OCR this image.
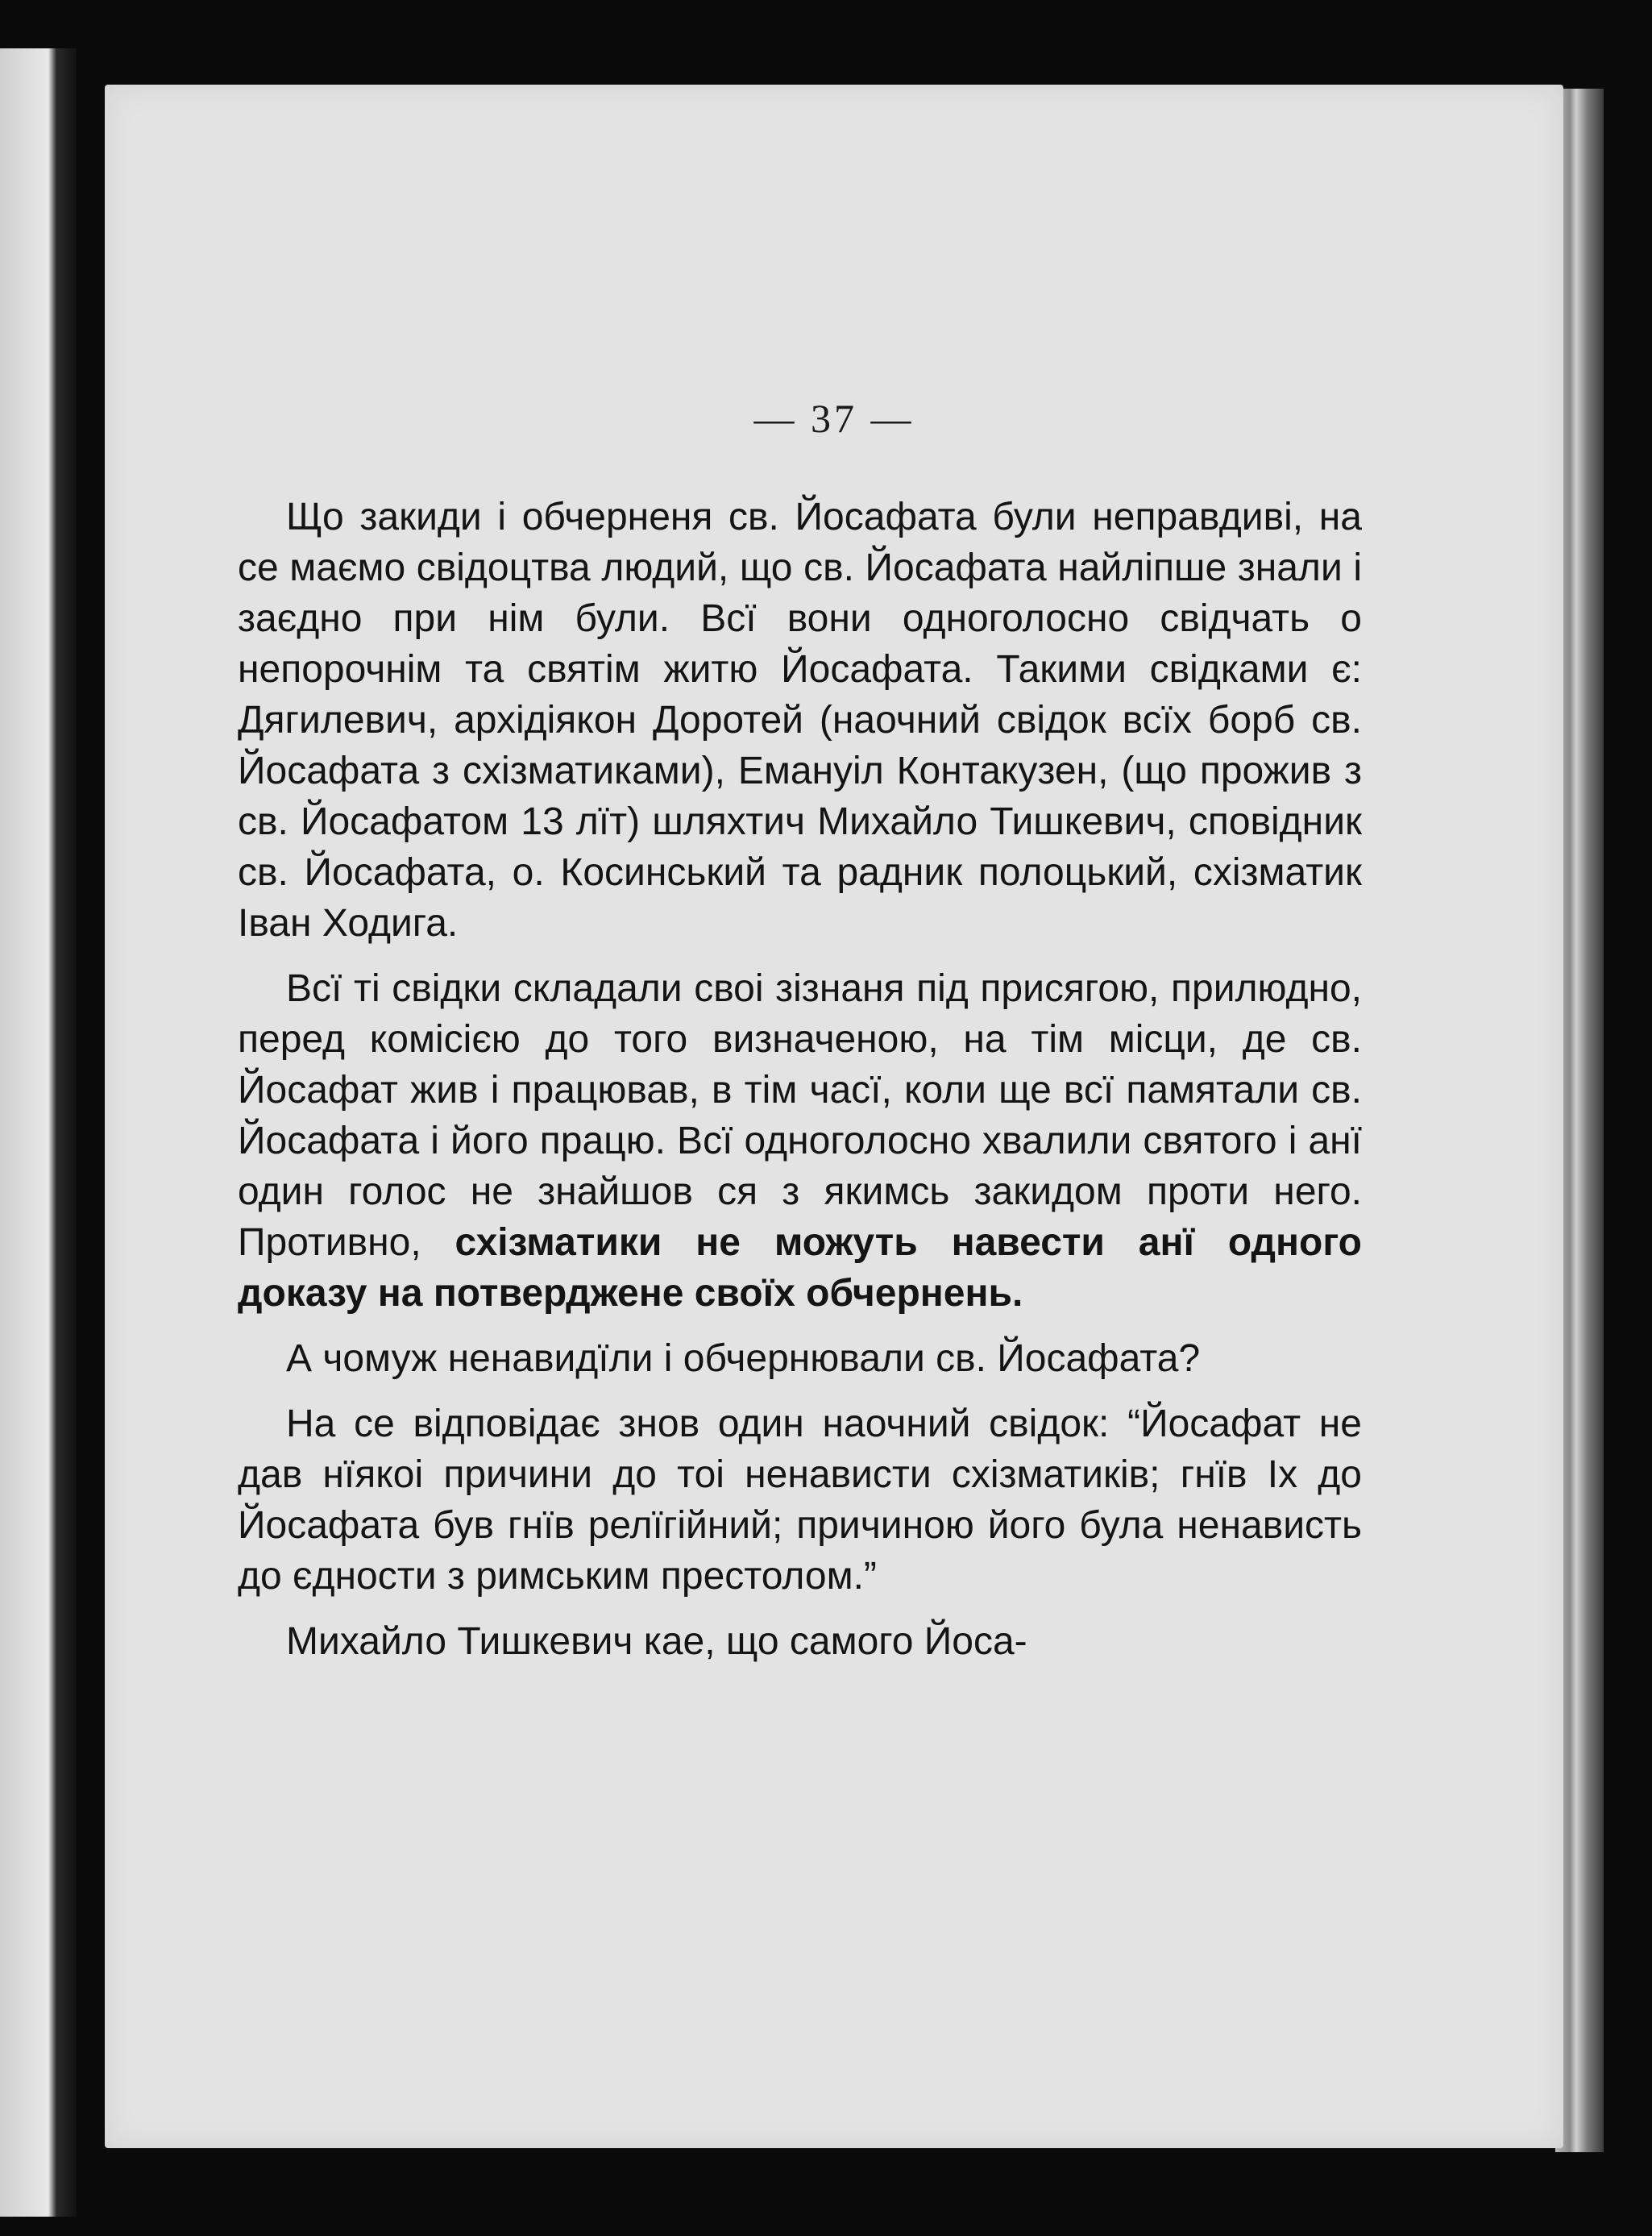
— 37 —

Що закиди і обчерненя св. Йосафата були неправдиві, на се маємо свідоцтва людий, що св. Йосафата найліпше знали і заєдно при нім були. Всї вони одноголосно свідчать о непорочнім та святім житю Йосафата. Такими свідками є: Дягилевич, архідіякон Доротей (наочний свідок всїх борб св. Йосафата з схізматиками), Емануіл Контакузен, (що прожив з св. Йосафатом 13 лїт) шляхтич Михайло Тишкевич, сповідник св. Йосафата, о. Косинський та радник полоцький, схізматик Іван Ходига.

Всї ті свідки складали своі зізнаня під присягою, прилюдно, перед комісією до того визначеною, на тім місци, де св. Йосафат жив і працював, в тім часї, коли ще всї памятали св. Йосафата і його працю. Всї одноголосно хвалили святого і анї один голос не знайшов ся з якимсь закидом проти него. Противно, схізматики не можуть навести анї одного доказу на потверджене своїх обчернень.

А чомуж ненавидїли і обчернювали св. Йосафата?

На се відповідає знов один наочний свідок: “Йосафат не дав нїякоі причини до тоі ненависти схізматиків; гнїв Іх до Йосафата був гнїв релїгійний; причиною його була ненависть до єдности з римським престолом.”

Михайло Тишкевич кае, що самого Йоса-
